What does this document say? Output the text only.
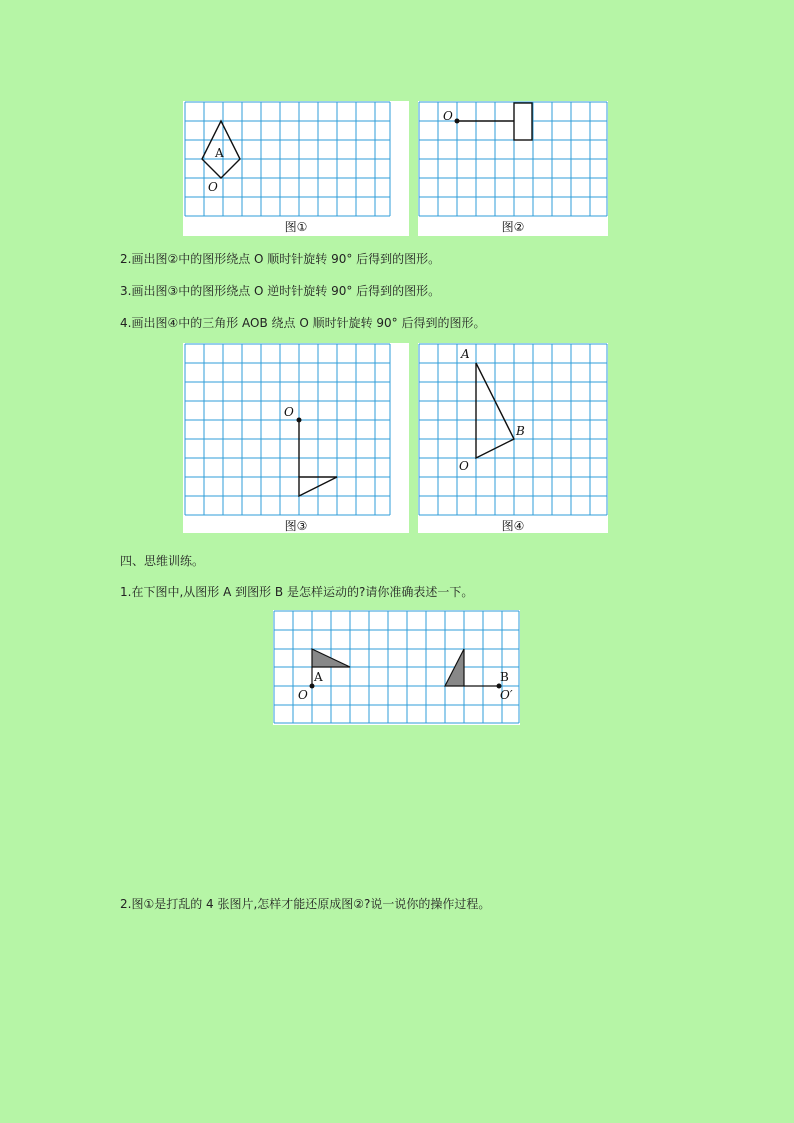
A
O
图①
O
图②
2.画出图②中的图形绕点 O 顺时针旋转 90° 后得到的图形。
3.画出图③中的图形绕点 O 逆时针旋转 90° 后得到的图形。
4.画出图④中的三角形 AOB 绕点 O 顺时针旋转 90° 后得到的图形。
O
图③
A
B
O
图④
四、思维训练。
1.在下图中,从图形 A 到图形 B 是怎样运动的?请你准确表述一下。
A
O
B
O′
2.图①是打乱的 4 张图片,怎样才能还原成图②?说一说你的操作过程。
